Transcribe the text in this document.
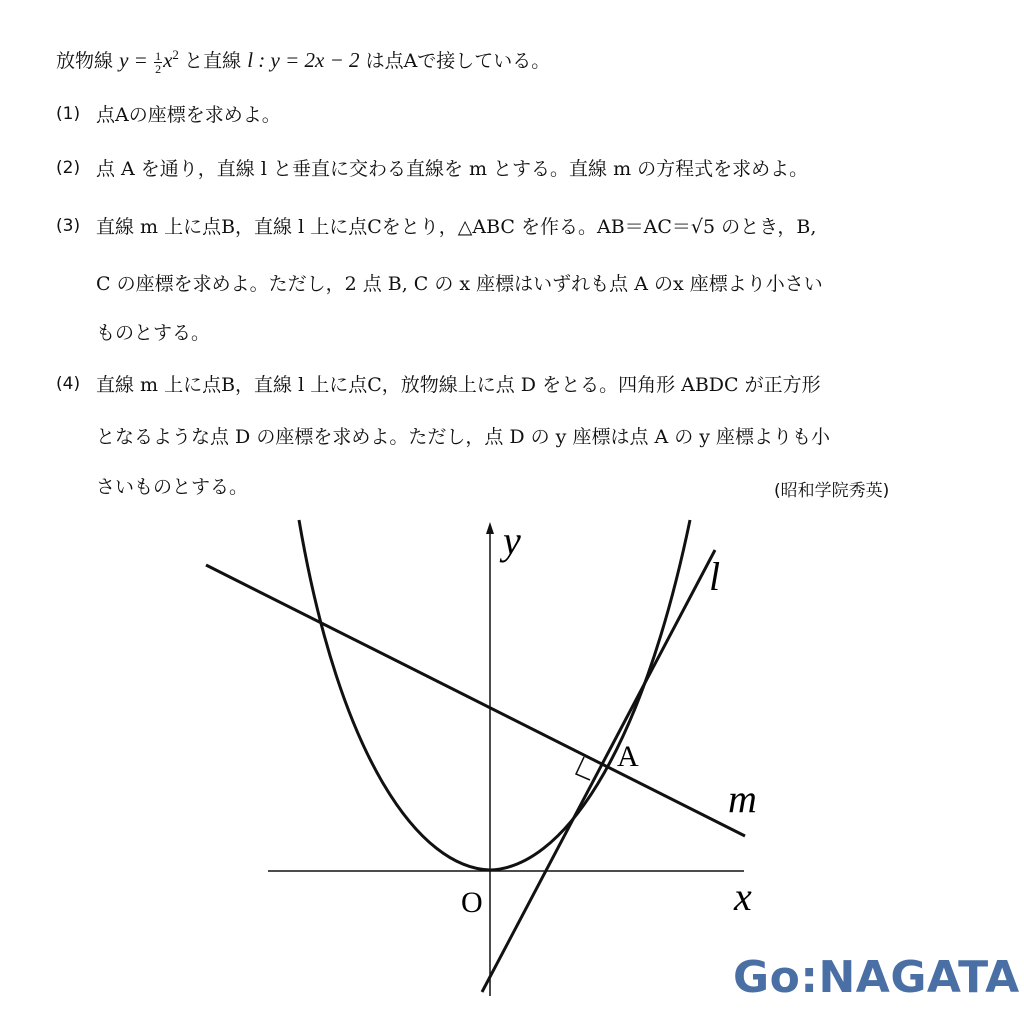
放物線 $y = \frac{1}{2} x^2$ と直線 l : y = 2x − 2 は点Aで接している。
(1) 点Aの座標を求めよ。
(2) 点 A を通り，直線 l と垂直に交わる直線を m とする。直線 m の方程式を求めよ。
(3) 直線 m 上に点B，直線 l 上に点Cをとり，△ABC を作る。AB＝AC＝√5 のとき，B,
C の座標を求めよ。ただし，2 点 B, C の x 座標はいずれも点 A のx 座標より小さい
ものとする。
(4) 直線 m 上に点B，直線 l 上に点C，放物線上に点 D をとる。四角形 ABDC が正方形
となるような点 D の座標を求めよ。ただし，点 D の y 座標は点 A の y 座標よりも小
さいものとする。	(昭和学院秀英)
y
x
O
A
l
m
Go:NAGATA
